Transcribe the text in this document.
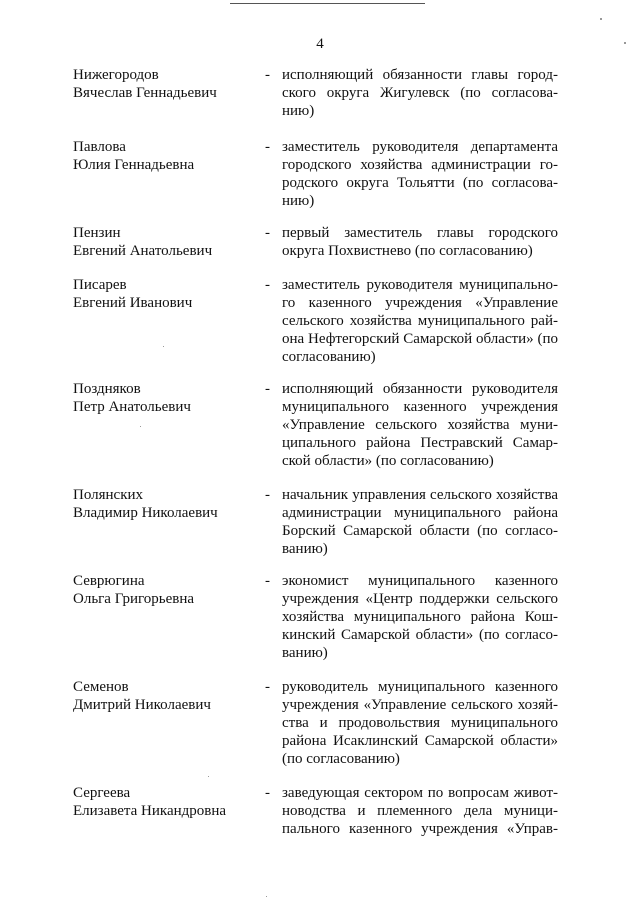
4
Нижегородов
Вячеслав Геннадьевич
- исполняющий обязанности главы город-
ского округа Жигулевск (по согласова-
нию)
Павлова
Юлия Геннадьевна
- заместитель руководителя департамента
городского хозяйства администрации го-
родского округа Тольятти (по согласова-
нию)
Пензин
Евгений Анатольевич
- первый заместитель главы городского
округа Похвистнево (по согласованию)
Писарев
Евгений Иванович
- заместитель руководителя муниципально-
го казенного учреждения «Управление
сельского хозяйства муниципального рай-
она Нефтегорский Самарской области» (по
согласованию)
Поздняков
Петр Анатольевич
- исполняющий обязанности руководителя
муниципального казенного учреждения
«Управление сельского хозяйства муни-
ципального района Пестравский Самар-
ской области» (по согласованию)
Полянских
Владимир Николаевич
- начальник управления сельского хозяйства
администрации муниципального района
Борский Самарской области (по согласо-
ванию)
Севрюгина
Ольга Григорьевна
- экономист муниципального казенного
учреждения «Центр поддержки сельского
хозяйства муниципального района Кош-
кинский Самарской области» (по согласо-
ванию)
Семенов
Дмитрий Николаевич
- руководитель муниципального казенного
учреждения «Управление сельского хозяй-
ства и продовольствия муниципального
района Исаклинский Самарской области»
(по согласованию)
Сергеева
Елизавета Никандровна
- заведующая сектором по вопросам живот-
новодства и племенного дела муници-
пального казенного учреждения «Управ-
